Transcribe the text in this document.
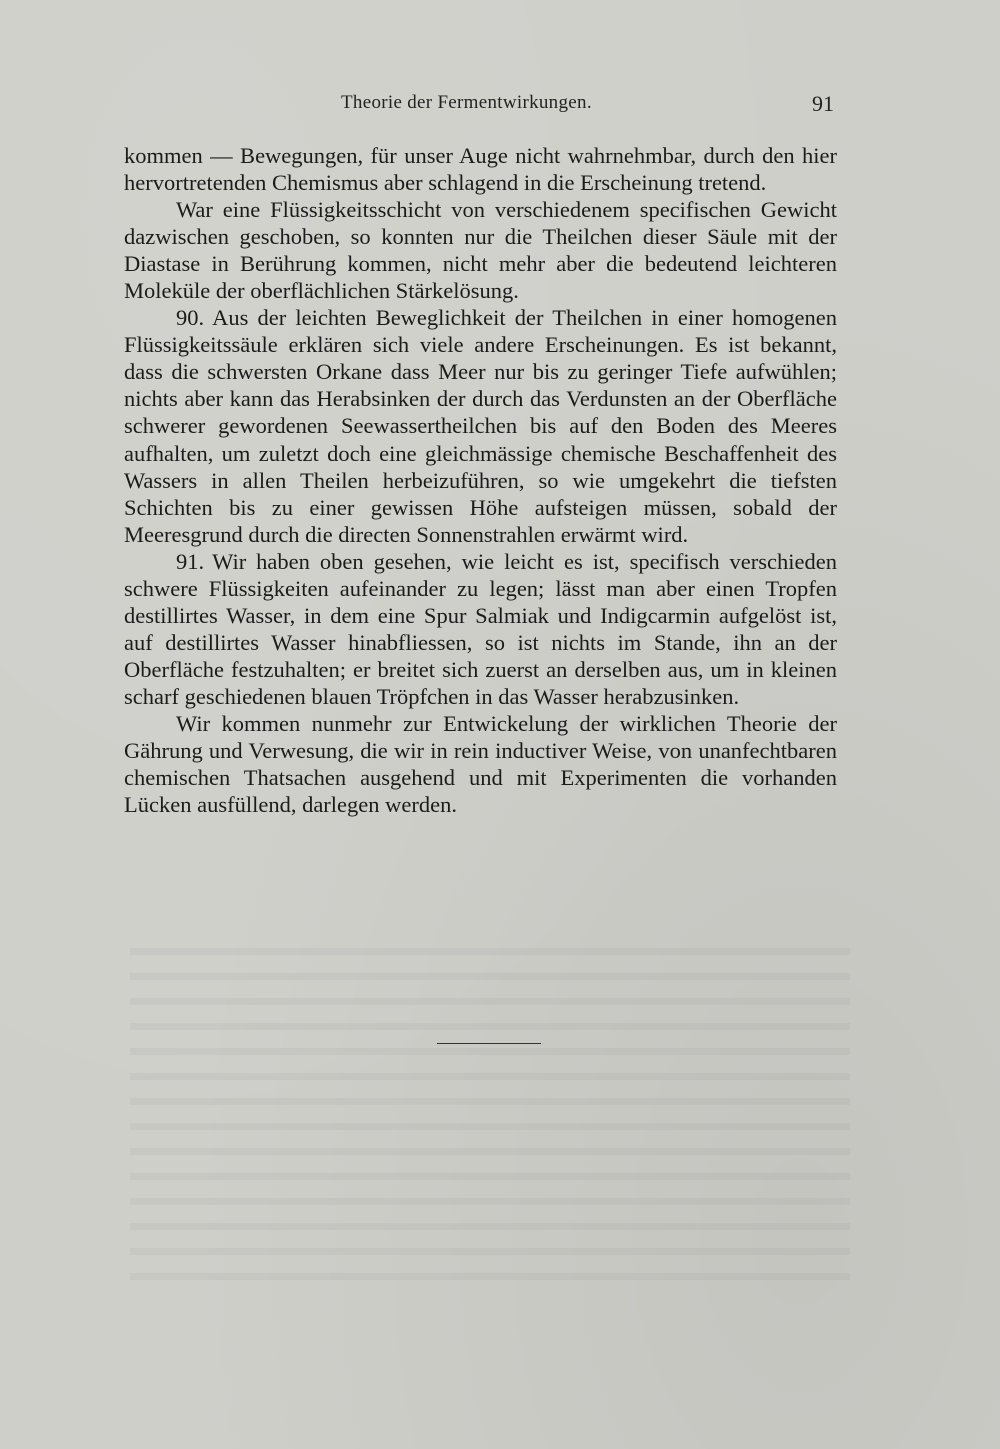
Theorie der Fermentwirkungen.	91

kommen — Bewegungen, für unser Auge nicht wahrnehmbar, durch den hier hervortretenden Chemismus aber schlagend in die Erscheinung tretend.

War eine Flüssigkeitsschicht von verschiedenem specifischen Gewicht dazwischen geschoben, so konnten nur die Theilchen dieser Säule mit der Diastase in Berührung kommen, nicht mehr aber die bedeutend leichteren Moleküle der oberflächlichen Stärkelösung.

90. Aus der leichten Beweglichkeit der Theilchen in einer homogenen Flüssigkeitssäule erklären sich viele andere Erscheinungen. Es ist bekannt, dass die schwersten Orkane dass Meer nur bis zu geringer Tiefe aufwühlen; nichts aber kann das Herabsinken der durch das Verdunsten an der Oberfläche schwerer gewordenen Seewassertheilchen bis auf den Boden des Meeres aufhalten, um zuletzt doch eine gleichmässige chemische Beschaffenheit des Wassers in allen Theilen herbeizuführen, so wie umgekehrt die tiefsten Schichten bis zu einer gewissen Höhe aufsteigen müssen, sobald der Meeresgrund durch die directen Sonnenstrahlen erwärmt wird.

91. Wir haben oben gesehen, wie leicht es ist, specifisch verschieden schwere Flüssigkeiten aufeinander zu legen; lässt man aber einen Tropfen destillirtes Wasser, in dem eine Spur Salmiak und Indigcarmin aufgelöst ist, auf destillirtes Wasser hinabfliessen, so ist nichts im Stande, ihn an der Oberfläche festzuhalten; er breitet sich zuerst an derselben aus, um in kleinen scharf geschiedenen blauen Tröpfchen in das Wasser herabzusinken.

Wir kommen nunmehr zur Entwickelung der wirklichen Theorie der Gährung und Verwesung, die wir in rein inductiver Weise, von unanfechtbaren chemischen Thatsachen ausgehend und mit Experimenten die vorhanden Lücken ausfüllend, darlegen werden.
